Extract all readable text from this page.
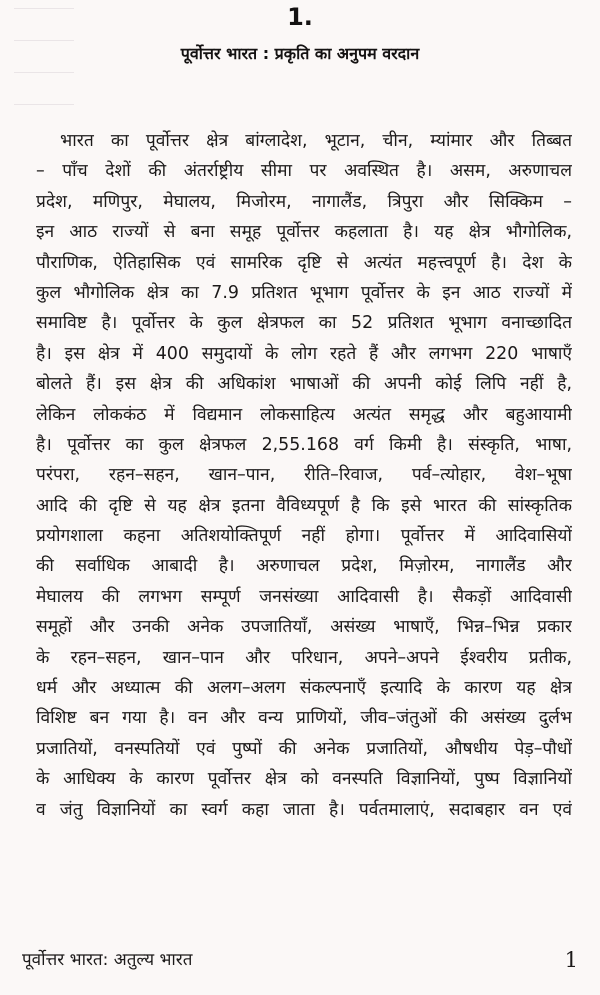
1.
पूर्वोत्तर भारत : प्रकृति का अनुपम वरदान
भारत का पूर्वोत्तर क्षेत्र बांग्लादेश, भूटान, चीन, म्यांमार और तिब्बत
– पाँच देशों की अंतर्राष्ट्रीय सीमा पर अवस्थित है। असम, अरुणाचल
प्रदेश, मणिपुर, मेघालय, मिजोरम, नागालैंड, त्रिपुरा और सिक्किम –
इन आठ राज्यों से बना समूह पूर्वोत्तर कहलाता है। यह क्षेत्र भौगोलिक,
पौराणिक, ऐतिहासिक एवं सामरिक दृष्टि से अत्यंत महत्त्वपूर्ण है। देश के
कुल भौगोलिक क्षेत्र का 7.9 प्रतिशत भूभाग पूर्वोत्तर के इन आठ राज्यों में
समाविष्ट है। पूर्वोत्तर के कुल क्षेत्रफल का 52 प्रतिशत भूभाग वनाच्छादित
है। इस क्षेत्र में 400 समुदायों के लोग रहते हैं और लगभग 220 भाषाएँ
बोलते हैं। इस क्षेत्र की अधिकांश भाषाओं की अपनी कोई लिपि नहीं है,
लेकिन लोककंठ में विद्यमान लोकसाहित्य अत्यंत समृद्ध और बहुआयामी
है। पूर्वोत्तर का कुल क्षेत्रफल 2,55.168 वर्ग किमी है। संस्कृति, भाषा,
परंपरा, रहन–सहन, खान–पान, रीति–रिवाज, पर्व–त्योहार, वेश–भूषा
आदि की दृष्टि से यह क्षेत्र इतना वैविध्यपूर्ण है कि इसे भारत की सांस्कृतिक
प्रयोगशाला कहना अतिशयोक्तिपूर्ण नहीं होगा। पूर्वोत्तर में आदिवासियों
की सर्वाधिक आबादी है। अरुणाचल प्रदेश, मिज़ोरम, नागालैंड और
मेघालय की लगभग सम्पूर्ण जनसंख्या आदिवासी है। सैकड़ों आदिवासी
समूहों और उनकी अनेक उपजातियाँ, असंख्य भाषाएँ, भिन्न–भिन्न प्रकार
के रहन–सहन, खान–पान और परिधान, अपने–अपने ईश्वरीय प्रतीक,
धर्म और अध्यात्म की अलग–अलग संकल्पनाएँ इत्यादि के कारण यह क्षेत्र
विशिष्ट बन गया है। वन और वन्य प्राणियों, जीव–जंतुओं की असंख्य दुर्लभ
प्रजातियों, वनस्पतियों एवं पुष्पों की अनेक प्रजातियों, औषधीय पेड़–पौधों
के आधिक्य के कारण पूर्वोत्तर क्षेत्र को वनस्पति विज्ञानियों, पुष्प विज्ञानियों
व जंतु विज्ञानियों का स्वर्ग कहा जाता है। पर्वतमालाएं, सदाबहार वन एवं
पूर्वोत्तर भारत: अतुल्य भारत	1
